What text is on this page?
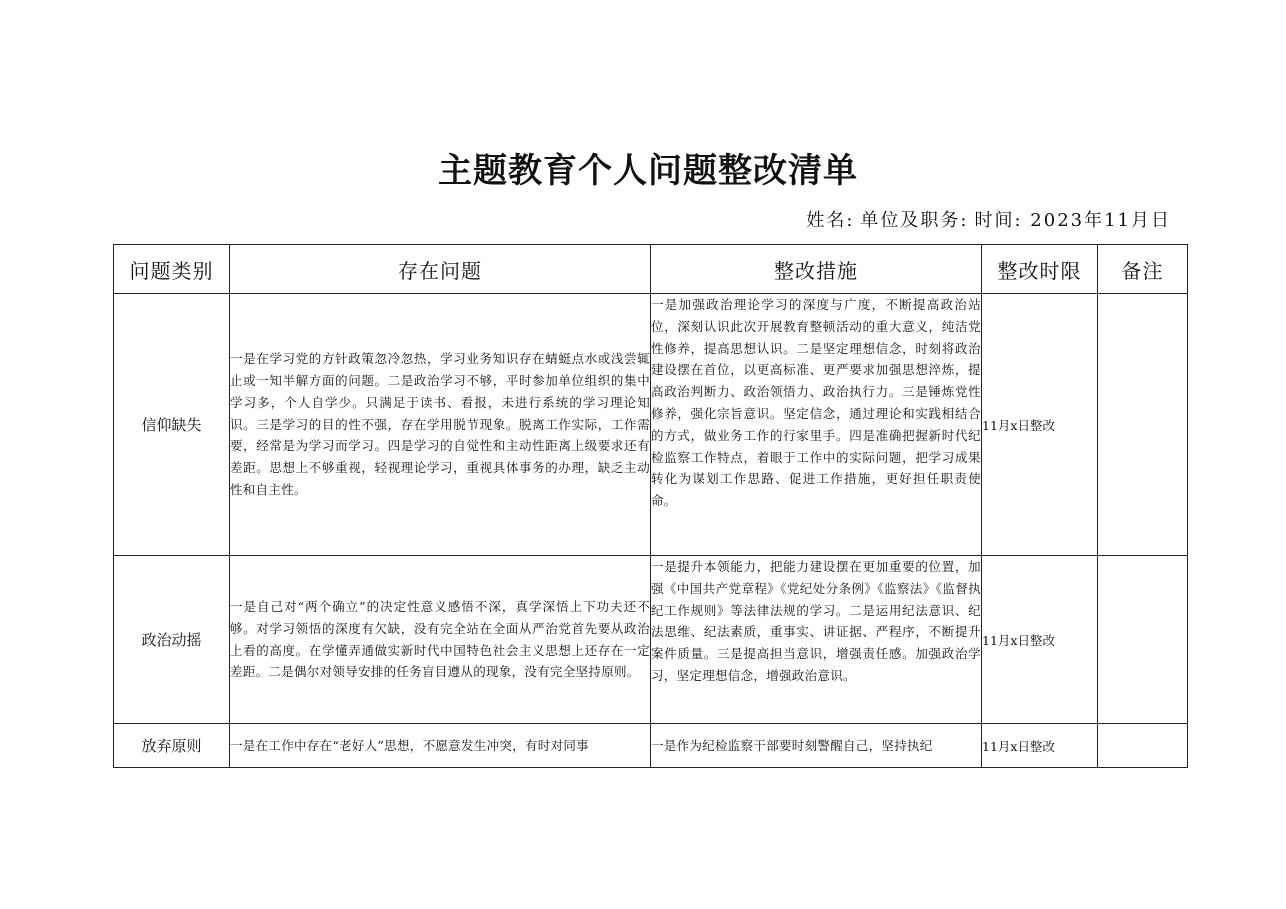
主题教育个人问题整改清单
姓名: 单位及职务: 时间: 2023年11月日
问题类别	存在问题	整改措施	整改时限	备注
信仰缺失	一是在学习党的方针政策忽冷忽热，学习业务知识存在蜻蜓点水或浅尝辄止或一知半解方面的问题。二是政治学习不够，平时参加单位组织的集中学习多，个人自学少。只满足于读书、看报，未进行系统的学习理论知识。三是学习的目的性不强，存在学用脱节现象。脱离工作实际，工作需要，经常是为学习而学习。四是学习的自觉性和主动性距离上级要求还有差距。思想上不够重视，轻视理论学习，重视具体事务的办理，缺乏主动性和自主性。	一是加强政治理论学习的深度与广度，不断提高政治站位，深刻认识此次开展教育整顿活动的重大意义，纯洁党性修养，提高思想认识。二是坚定理想信念，时刻将政治建设摆在首位，以更高标准、更严要求加强思想淬炼，提高政治判断力、政治领悟力、政治执行力。三是锤炼党性修养，强化宗旨意识。坚定信念，通过理论和实践相结合的方式，做业务工作的行家里手。四是准确把握新时代纪检监察工作特点，着眼于工作中的实际问题，把学习成果转化为谋划工作思路、促进工作措施，更好担任职责使命。	11月x日整改	
政治动摇	一是自己对“两个确立”的决定性意义感悟不深，真学深悟上下功夫还不够。对学习领悟的深度有欠缺，没有完全站在全面从严治党首先要从政治上看的高度。在学懂弄通做实新时代中国特色社会主义思想上还存在一定差距。二是偶尔对领导安排的任务盲目遵从的现象，没有完全坚持原则。	一是提升本领能力，把能力建设摆在更加重要的位置，加强《中国共产党章程》《党纪处分条例》《监察法》《监督执纪工作规则》等法律法规的学习。二是运用纪法意识、纪法思维、纪法素质，重事实、讲证据、严程序，不断提升案件质量。三是提高担当意识，增强责任感。加强政治学习，坚定理想信念，增强政治意识。	11月x日整改	
放弃原则	一是在工作中存在“老好人”思想，不愿意发生冲突，有时对同事	一是作为纪检监察干部要时刻警醒自己，坚持执纪	11月x日整改	
